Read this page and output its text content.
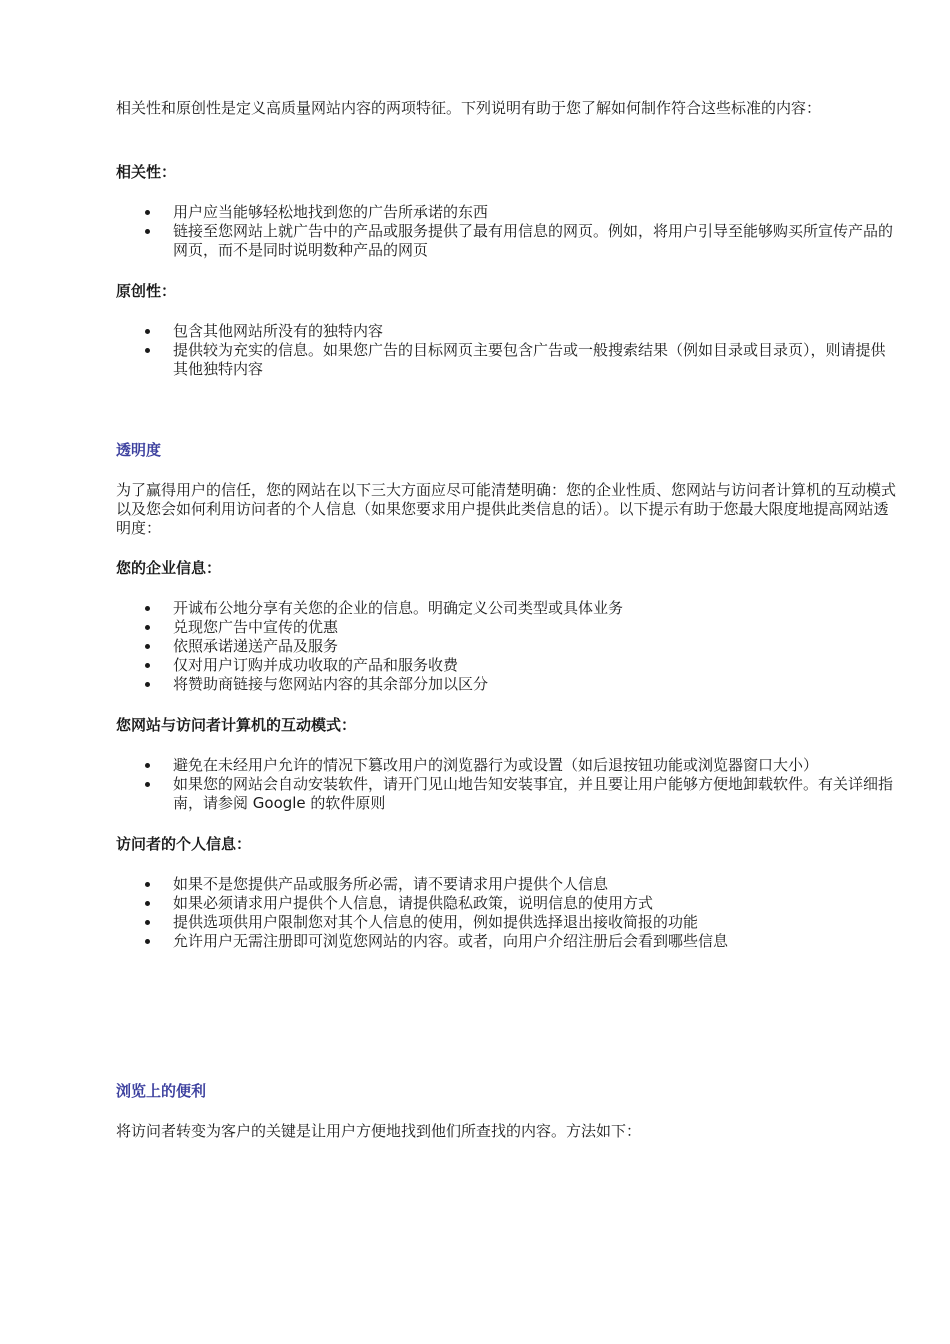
相关性和原创性是定义高质量网站内容的两项特征。下列说明有助于您了解如何制作符合这些标准的内容：

相关性：

用户应当能够轻松地找到您的广告所承诺的东西
链接至您网站上就广告中的产品或服务提供了最有用信息的网页。例如，将用户引导至能够购买所宣传产品的网页，而不是同时说明数种产品的网页

原创性：

包含其他网站所没有的独特内容
提供较为充实的信息。如果您广告的目标网页主要包含广告或一般搜索结果（例如目录或目录页），则请提供其他独特内容

透明度

为了赢得用户的信任，您的网站在以下三大方面应尽可能清楚明确：您的企业性质、您网站与访问者计算机的互动模式以及您会如何利用访问者的个人信息（如果您要求用户提供此类信息的话）。以下提示有助于您最大限度地提高网站透明度：

您的企业信息：

开诚布公地分享有关您的企业的信息。明确定义公司类型或具体业务
兑现您广告中宣传的优惠
依照承诺递送产品及服务
仅对用户订购并成功收取的产品和服务收费
将赞助商链接与您网站内容的其余部分加以区分

您网站与访问者计算机的互动模式：

避免在未经用户允许的情况下篡改用户的浏览器行为或设置（如后退按钮功能或浏览器窗口大小）
如果您的网站会自动安装软件，请开门见山地告知安装事宜，并且要让用户能够方便地卸载软件。有关详细指南，请参阅 Google 的软件原则

访问者的个人信息：

如果不是您提供产品或服务所必需，请不要请求用户提供个人信息
如果必须请求用户提供个人信息，请提供隐私政策，说明信息的使用方式
提供选项供用户限制您对其个人信息的使用，例如提供选择退出接收简报的功能
允许用户无需注册即可浏览您网站的内容。或者，向用户介绍注册后会看到哪些信息

浏览上的便利

将访问者转变为客户的关键是让用户方便地找到他们所查找的内容。方法如下：
